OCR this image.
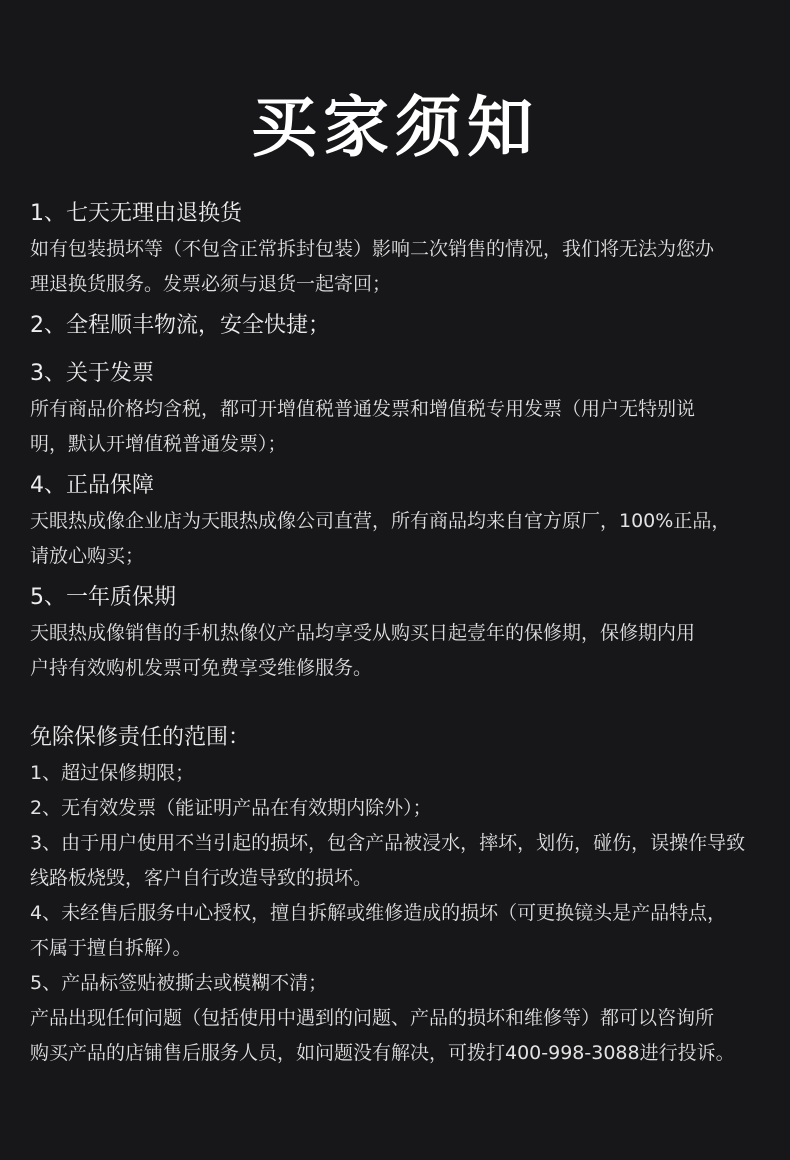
买家须知

1、七天无理由退换货

如有包装损坏等（不包含正常拆封包装）影响二次销售的情况，我们将无法为您办

理退换货服务。发票必须与退货一起寄回；

2、全程顺丰物流，安全快捷；

3、关于发票

所有商品价格均含税，都可开增值税普通发票和增值税专用发票（用户无特别说

明，默认开增值税普通发票）；

4、正品保障

天眼热成像企业店为天眼热成像公司直营，所有商品均来自官方原厂，100%正品，

请放心购买；

5、一年质保期

天眼热成像销售的手机热像仪产品均享受从购买日起壹年的保修期，保修期内用

户持有效购机发票可免费享受维修服务。

免除保修责任的范围：

1、超过保修期限；

2、无有效发票（能证明产品在有效期内除外）；

3、由于用户使用不当引起的损坏，包含产品被浸水，摔坏，划伤，碰伤，误操作导致

线路板烧毁，客户自行改造导致的损坏。

4、未经售后服务中心授权，擅自拆解或维修造成的损坏（可更换镜头是产品特点，

不属于擅自拆解）。

5、产品标签贴被撕去或模糊不清；

产品出现任何问题（包括使用中遇到的问题、产品的损坏和维修等）都可以咨询所

购买产品的店铺售后服务人员，如问题没有解决，可拨打400-998-3088进行投诉。
